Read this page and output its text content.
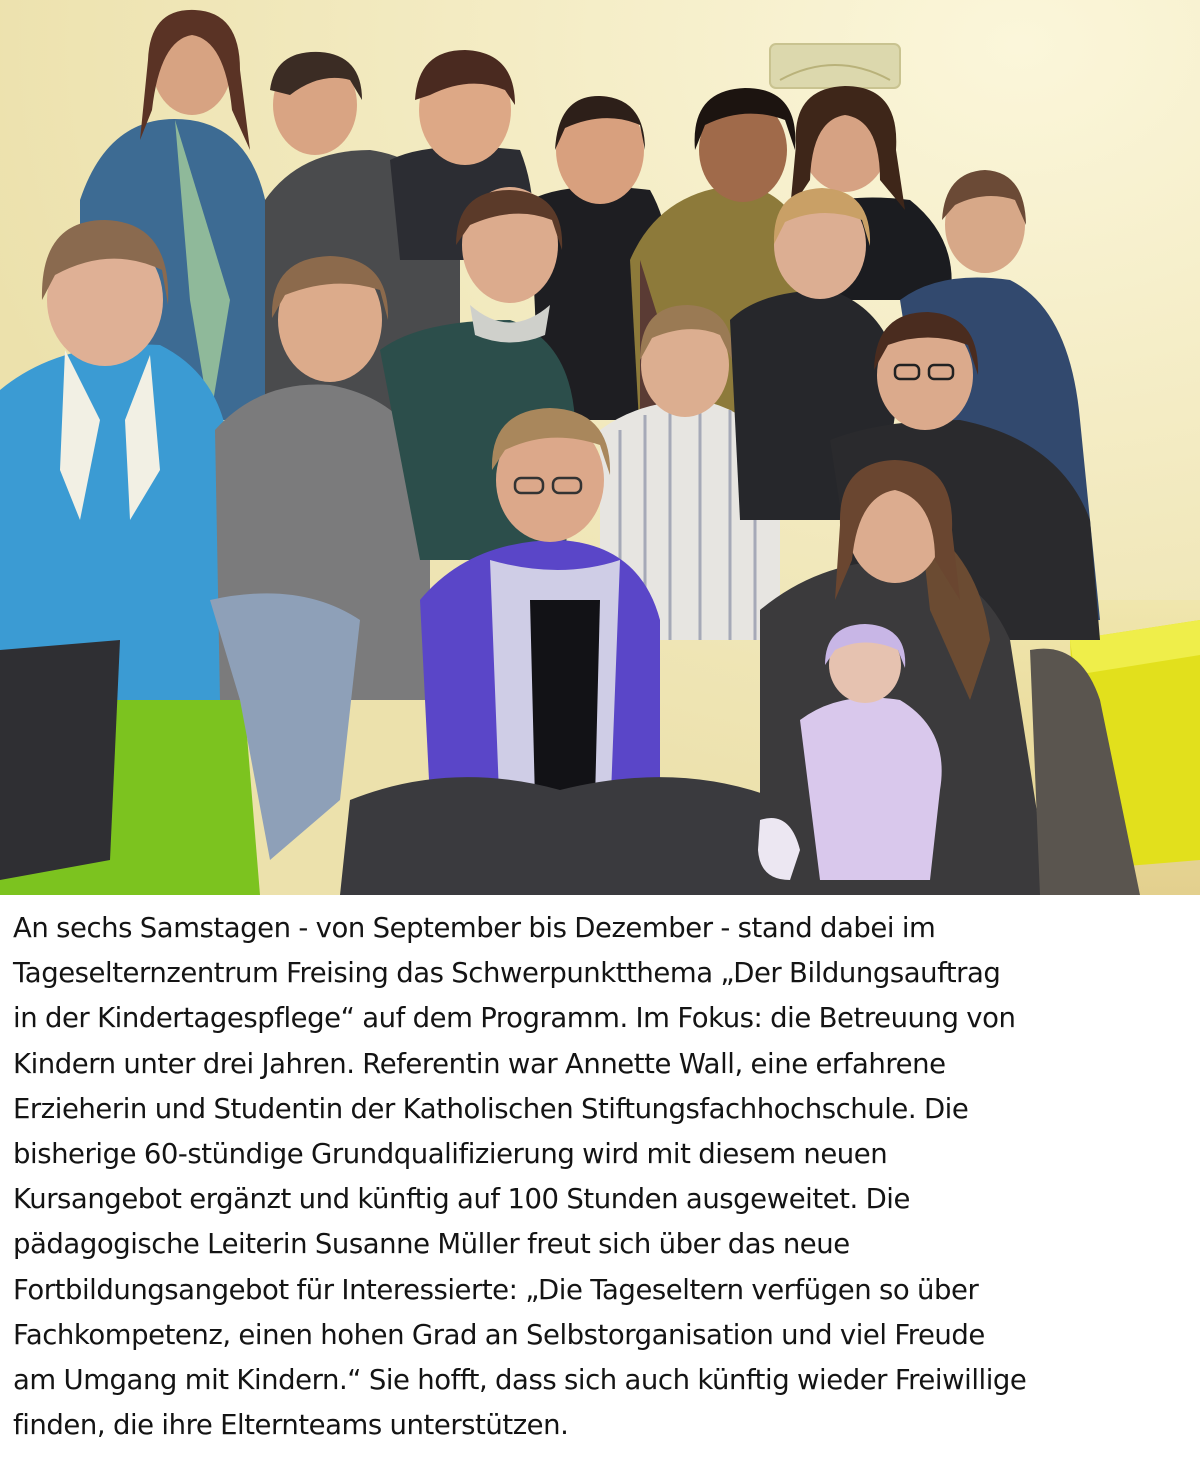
An sechs Samstagen - von September bis Dezember - stand dabei im
Tageselternzentrum Freising das Schwerpunktthema „Der Bildungsauftrag
in der Kindertagespflege“ auf dem Programm. Im Fokus: die Betreuung von
Kindern unter drei Jahren. Referentin war Annette Wall, eine erfahrene
Erzieherin und Studentin der Katholischen Stiftungsfachhochschule. Die
bisherige 60-stündige Grundqualifizierung wird mit diesem neuen
Kursangebot ergänzt und künftig auf 100 Stunden ausgeweitet. Die
pädagogische Leiterin Susanne Müller freut sich über das neue
Fortbildungsangebot für Interessierte: „Die Tageseltern verfügen so über
Fachkompetenz, einen hohen Grad an Selbstorganisation und viel Freude
am Umgang mit Kindern.“ Sie hofft, dass sich auch künftig wieder Freiwillige
finden, die ihre Elternteams unterstützen.
